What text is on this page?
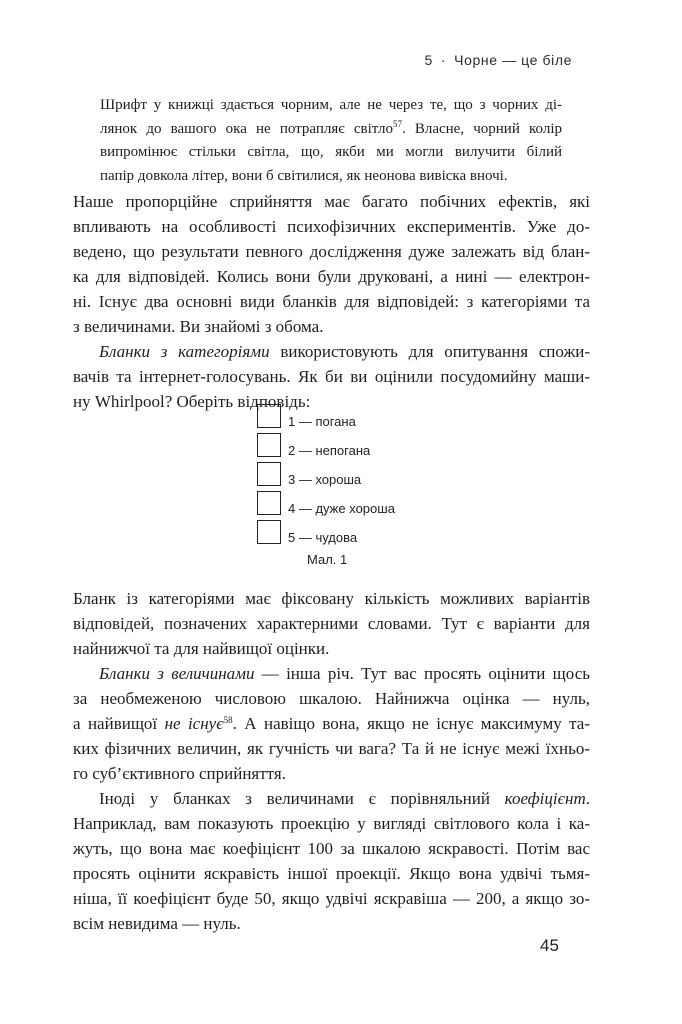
5 · Чорне — це біле
Шрифт у книжці здається чорним, але не через те, що з чорних ді-
лянок до вашого ока не потрапляє світло$^{57}$. Власне, чорний колір
випромінює стільки світла, що, якби ми могли вилучити білий
папір довкола літер, вони б світилися, як неонова вивіска вночі.
Наше пропорційне сприйняття має багато побічних ефектів, які
впливають на особливості психофізичних експериментів. Уже до-
ведено, що результати певного дослідження дуже залежать від блан-
ка для відповідей. Колись вони були друковані, а нині — електрон-
ні. Існує два основні види бланків для відповідей: з категоріями та
з величинами. Ви знайомі з обома.
Бланки з категоріями використовують для опитування спожи-
вачів та інтернет-голосувань. Як би ви оцінили посудомийну маши-
ну Whirlpool? Оберіть відповідь:
1 — погана
2 — непогана
3 — хороша
4 — дуже хороша
5 — чудова
Мал. 1
Бланк із категоріями має фіксовану кількість можливих варіантів
відповідей, позначених характерними словами. Тут є варіанти для
найнижчої та для найвищої оцінки.
Бланки з величинами — інша річ. Тут вас просять оцінити щось
за необмеженою числовою шкалою. Найнижча оцінка — нуль,
а найвищої не існує$^{58}$. А навіщо вона, якщо не існує максимуму та-
ких фізичних величин, як гучність чи вага? Та й не існує межі їхньо-
го суб’єктивного сприйняття.
Іноді у бланках з величинами є порівняльний коефіцієнт.
Наприклад, вам показують проекцію у вигляді світлового кола і ка-
жуть, що вона має коефіцієнт 100 за шкалою яскравості. Потім вас
просять оцінити яскравість іншої проекції. Якщо вона удвічі тьмя-
ніша, її коефіцієнт буде 50, якщо удвічі яскравіша — 200, а якщо зо-
всім невидима — нуль.
45
